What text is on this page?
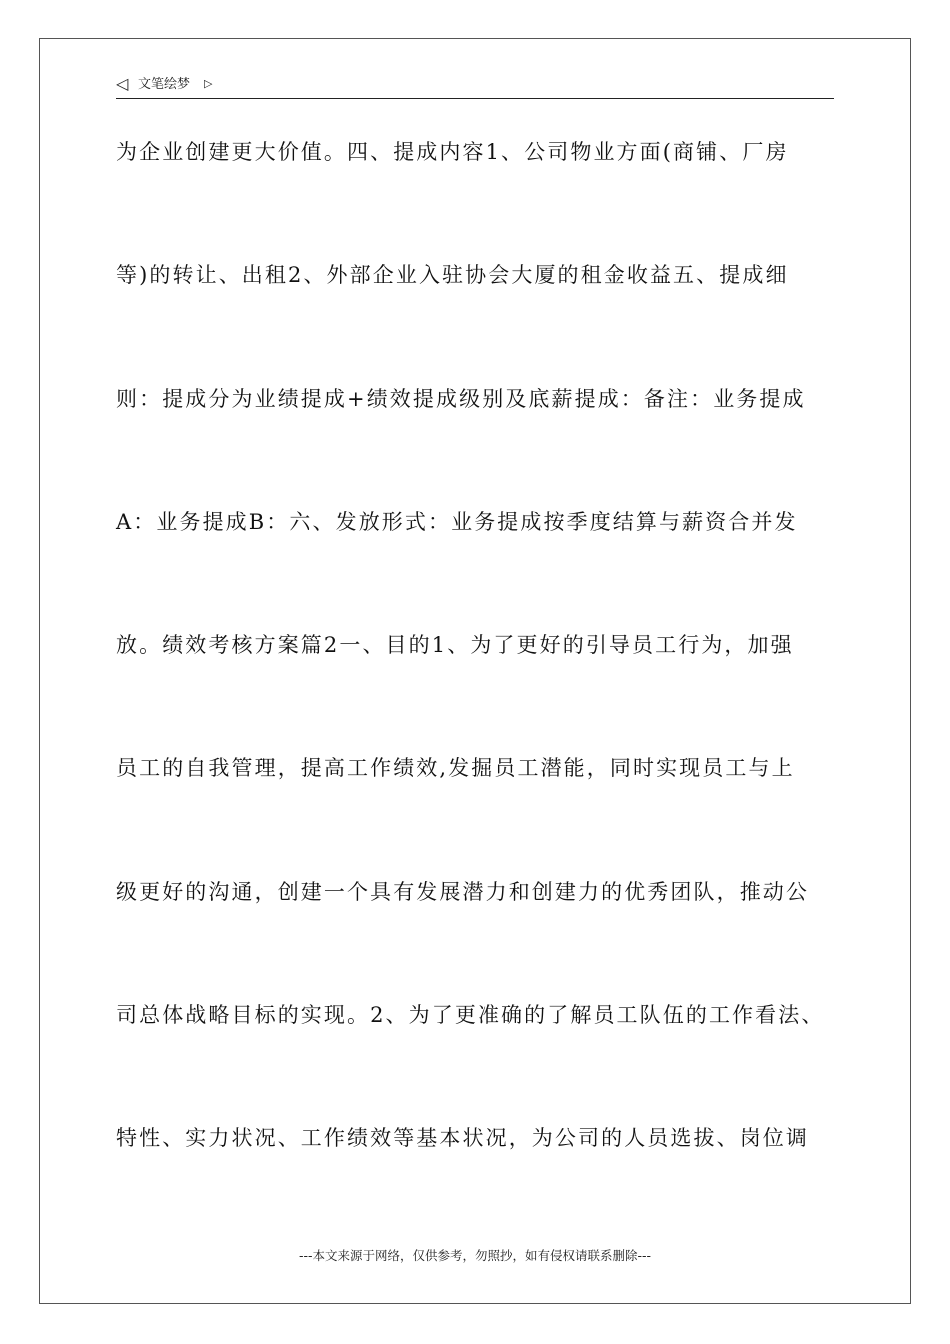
◁ 文笔绘梦 ▷
为企业创建更大价值。四、提成内容1、公司物业方面(商铺、厂房
等)的转让、出租2、外部企业入驻协会大厦的租金收益五、提成细
则：提成分为业绩提成+绩效提成级别及底薪提成：备注：业务提成
A：业务提成B：六、发放形式：业务提成按季度结算与薪资合并发
放。绩效考核方案篇2一、目的1、为了更好的引导员工行为，加强
员工的自我管理，提高工作绩效,发掘员工潜能，同时实现员工与上
级更好的沟通，创建一个具有发展潜力和创建力的优秀团队，推动公
司总体战略目标的实现。2、为了更准确的了解员工队伍的工作看法、
特性、实力状况、工作绩效等基本状况，为公司的人员选拔、岗位调
---本文来源于网络，仅供参考，勿照抄，如有侵权请联系删除---
